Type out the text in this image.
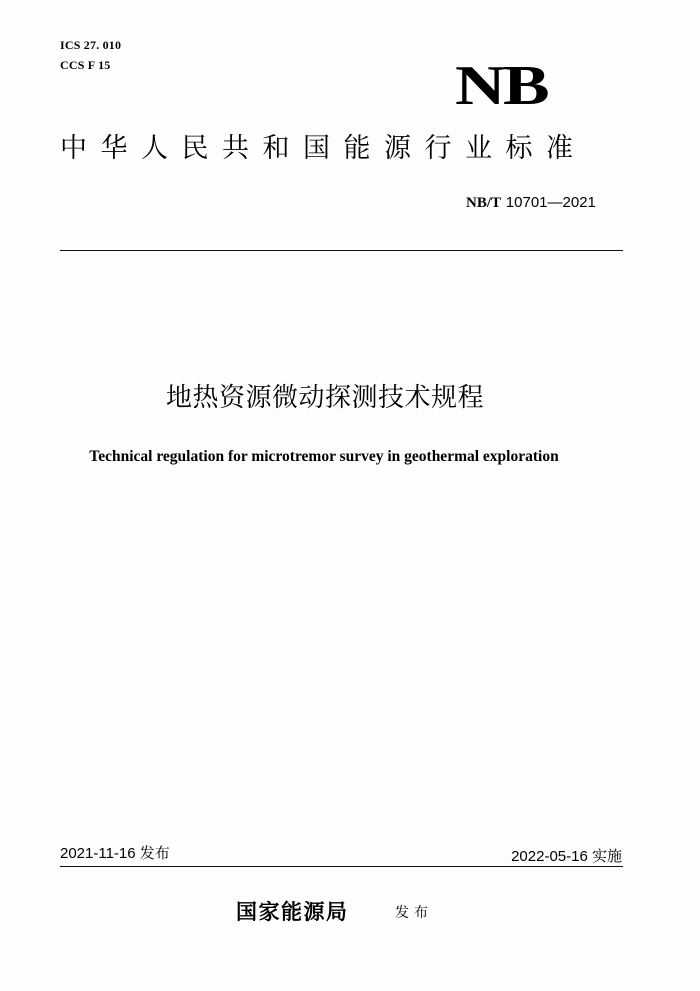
ICS 27. 010
CCS F 15	NB
中华人民共和国能源行业标准
NB/T 10701—2021
地热资源微动探测技术规程
Technical regulation for microtremor survey in geothermal exploration
2021-11-16 发布	2022-05-16 实施
国家能源局	发布
